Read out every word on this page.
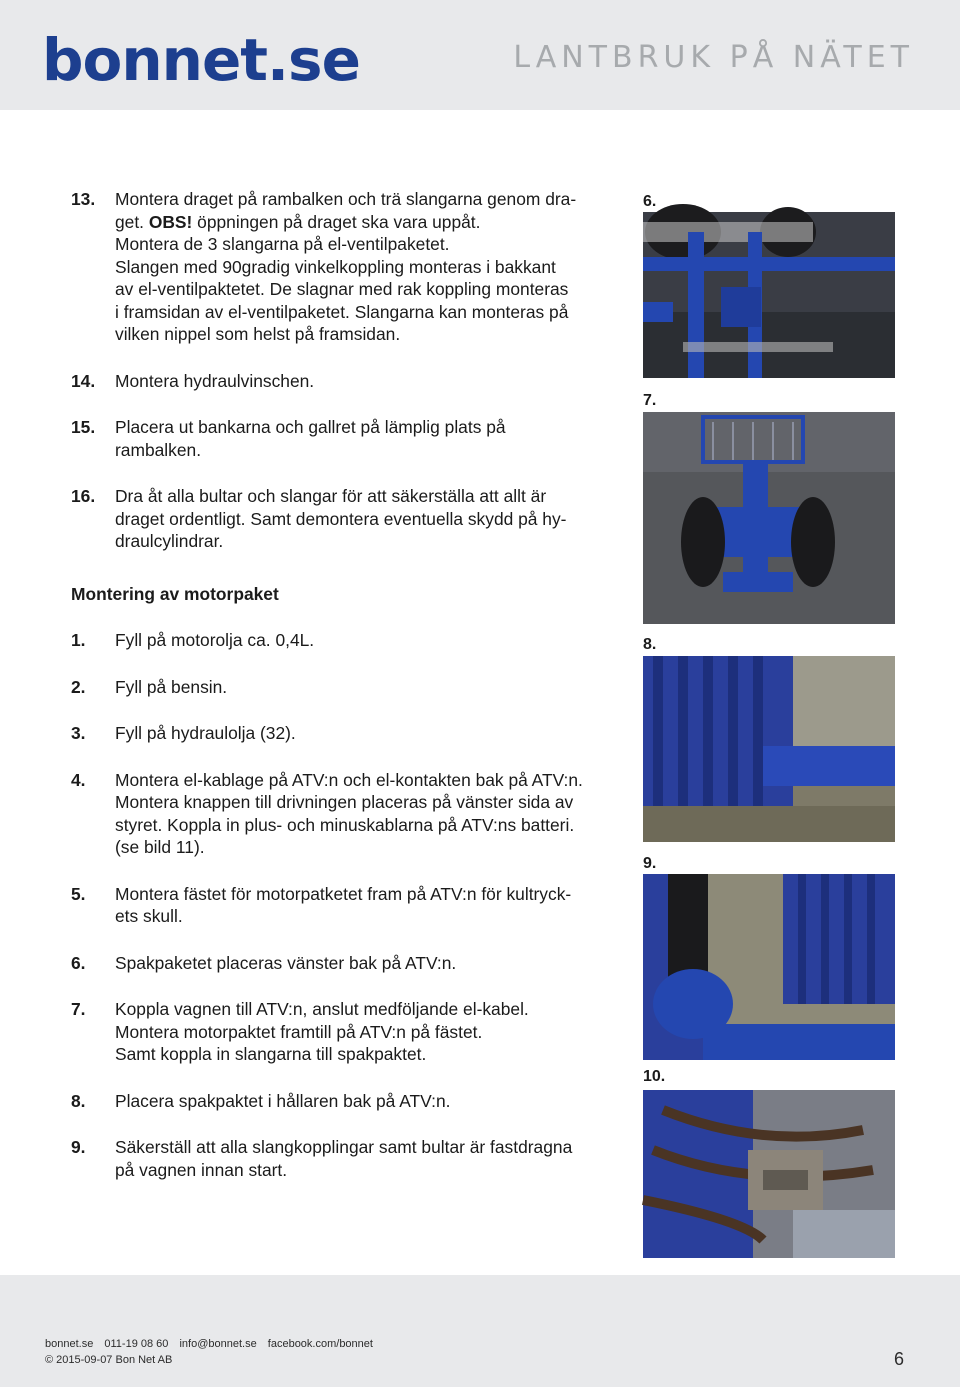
bonnet.se	LANTBRUK PÅ NÄTET
13. Montera draget på rambalken och trä slangarna genom dra-
get. OBS! öppningen på draget ska vara uppåt.
Montera de 3 slangarna på el-ventilpaketet.
Slangen med 90gradig vinkelkoppling monteras i bakkant
av el-ventilpaktetet. De slagnar med rak koppling monteras
i framsidan av el-ventilpaketet. Slangarna kan monteras på
vilken nippel som helst på framsidan.
14. Montera hydraulvinschen.
15. Placera ut bankarna och gallret på lämplig plats på
rambalken.
16. Dra åt alla bultar och slangar för att säkerställa att allt är
draget ordentligt. Samt demontera eventuella skydd på hy-
draulcylindrar.
Montering av motorpaket
1. Fyll på motorolja ca. 0,4L.
2. Fyll på bensin.
3. Fyll på hydraulolja (32).
4. Montera el-kablage på ATV:n och el-kontakten bak på ATV:n.
Montera knappen till drivningen placeras på vänster sida av
styret. Koppla in plus- och minuskablarna på ATV:ns batteri.
(se bild 11).
5. Montera fästet för motorpatketet fram på ATV:n för kultryck-
ets skull.
6. Spakpaketet placeras vänster bak på ATV:n.
7. Koppla vagnen till ATV:n, anslut medföljande el-kabel.
Montera motorpaktet framtill på ATV:n på fästet.
Samt koppla in slangarna till spakpaktet.
8. Placera spakpaktet i hållaren bak på ATV:n.
9. Säkerställ att alla slangkopplingar samt bultar är fastdragna
på vagnen innan start.
6.
7.
8.
9.
10.
bonnet.se 011-19 08 60 info@bonnet.se facebook.com/bonnet
© 2015-09-07 Bon Net AB	6
